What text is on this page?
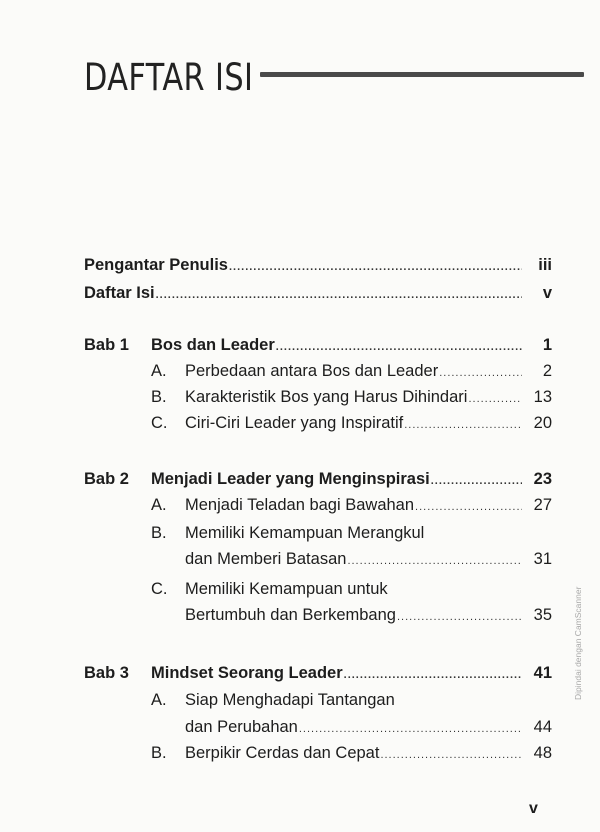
DAFTAR ISI
Pengantar Penulis .....	iii
Daftar Isi .....	v
Bab 1 Bos dan Leader .....	1
A. Perbedaan antara Bos dan Leader .....	2
B. Karakteristik Bos yang Harus Dihindari .....	13
C. Ciri-Ciri Leader yang Inspiratif .....	20
Bab 2 Menjadi Leader yang Menginspirasi .....	23
A. Menjadi Teladan bagi Bawahan .....	27
B. Memiliki Kemampuan Merangkul
dan Memberi Batasan .....	31
C. Memiliki Kemampuan untuk
Bertumbuh dan Berkembang .....	35
Bab 3 Mindset Seorang Leader .....	41
A. Siap Menghadapi Tantangan
dan Perubahan .....	44
B. Berpikir Cerdas dan Cepat .....	48
v
Dipindai dengan CamScanner
